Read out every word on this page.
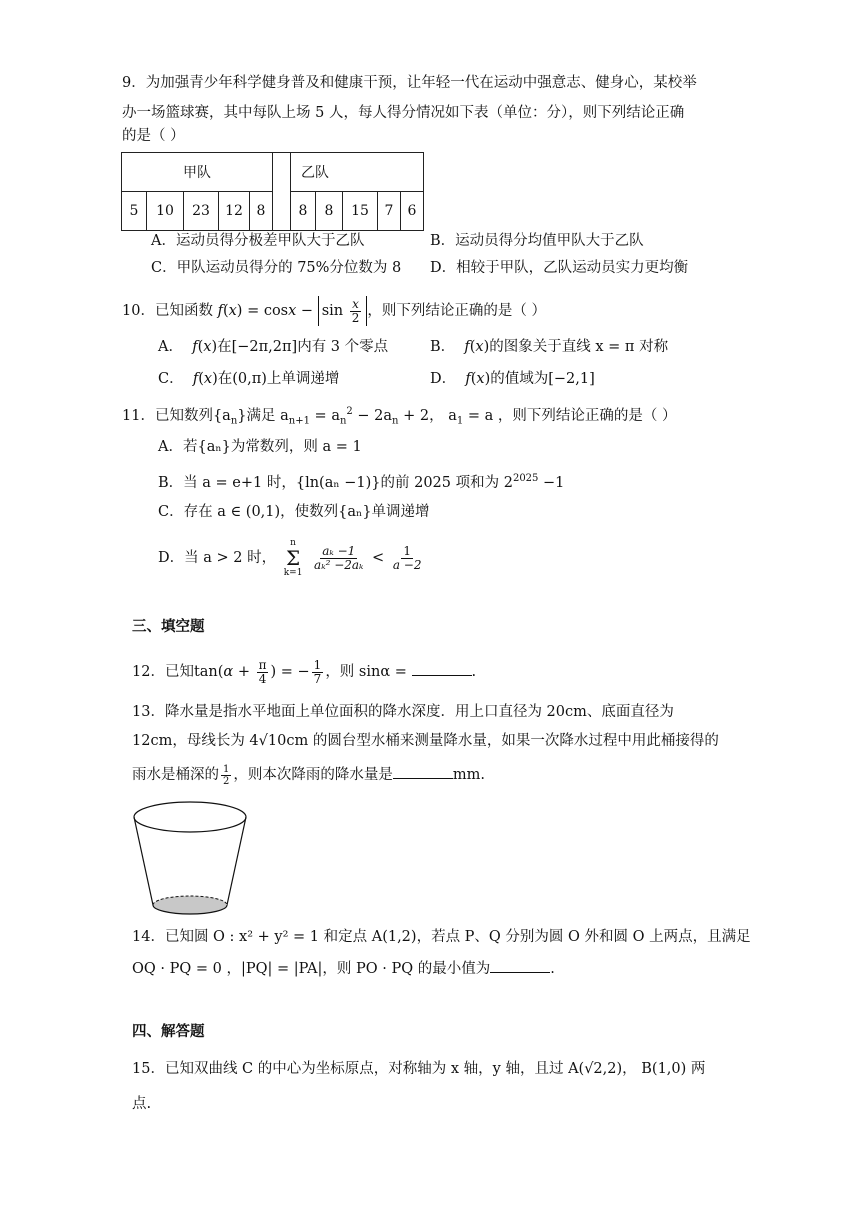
9．为加强青少年科学健身普及和健康干预，让年轻一代在运动中强意志、健身心，某校举
办一场篮球赛，其中每队上场 5 人，每人得分情况如下表（单位：分），则下列结论正确
的是（ ）
甲队						乙队				
5	10	23	12	8		8	8	15	7	6
A．运动员得分极差甲队大于乙队	B．运动员得分均值甲队大于乙队
C．甲队运动员得分的 75%分位数为 8 D．相较于甲队，乙队运动员实力更均衡
10．已知函数 $f(x) = \cos x - \sin \frac{x}{2}$ ，则下列结论正确的是（ ）
A．  f(x)在[−2π,2π]内有 3 个零点	B．  f(x)的图象关于直线 x = π 对称
C．  f(x)在(0,π)上单调递增	D．  f(x)的值域为[−2,1]
11．已知数列$\{a_n\}$满足 $a_{n+1} = a_n^2 - 2a_n + 2$， $a_1 = a$ ，则下列结论正确的是（ ）
A．若{aₙ}为常数列，则 a = 1
B．当 a = e+1 时，{ln(aₙ −1)}的前 2025 项和为 $2^{2025} -1$
C．存在 a ∈ (0,1)，使数列{aₙ}单调递增
D．当 a > 2 时，
n
Σ
k=1

$\frac{\text{aₖ −1}}{\text{aₖ² −2aₖ}} < \frac{1}{a -2}$
三、填空题
12．已知$\tan(\alpha + \frac{\pi}{4}$ ) = − $\frac{1}{7}$ ，则 sinα =	.
13．降水量是指水平地面上单位面积的降水深度．用上口直径为 20cm、底面直径为
12cm，母线长为 4√10cm 的圆台型水桶来测量降水量，如果一次降水过程中用此桶接得的
雨水是桶深的 $\frac{1}{2}$ ，则本次降雨的降水量是	mm.
14．已知圆 O : x² + y² = 1 和定点 A(1,2)，若点 P、Q 分别为圆 O 外和圆 O 上两点，且满足
OQ · PQ = 0 ，|PQ| = |PA|，则 PO · PQ 的最小值为	.
四、解答题
15．已知双曲线 C 的中心为坐标原点，对称轴为 x 轴，y 轴，且过 A(√2,2)， B(1,0) 两
点.
